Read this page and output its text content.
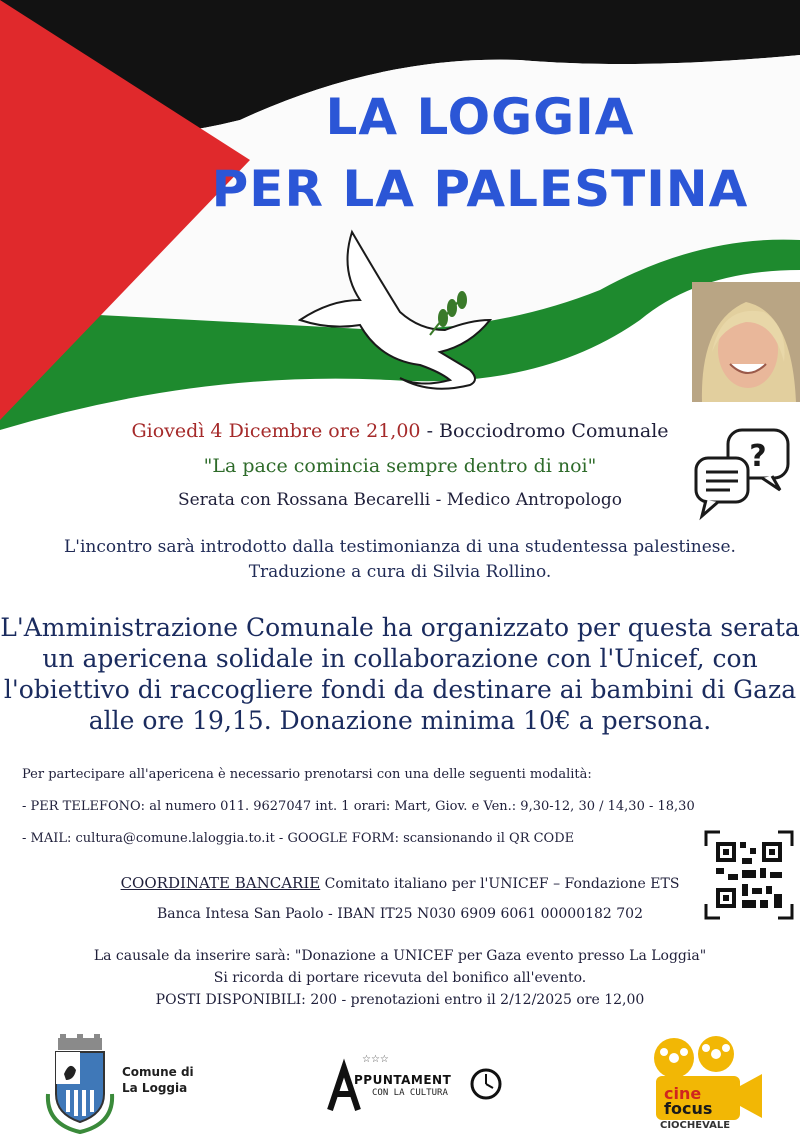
LA LOGGIA
PER LA PALESTINA
Giovedì 4 Dicembre ore 21,00 - Bocciodromo Comunale
"La pace comincia sempre dentro di noi"
Serata con Rossana Becarelli - Medico Antropologo
?
L'incontro sarà introdotto dalla testimonianza di una studentessa palestinese.
Traduzione a cura di Silvia Rollino.
L'Amministrazione Comunale ha organizzato per questa serata
un apericena solidale in collaborazione con l'Unicef, con
l'obiettivo di raccogliere fondi da destinare ai bambini di Gaza
alle ore 19,15. Donazione minima 10€ a persona.
Per partecipare all'apericena è necessario prenotarsi con una delle seguenti modalità:
- PER TELEFONO: al numero 011. 9627047 int. 1 orari: Mart, Giov. e Ven.: 9,30-12, 30 / 14,30 - 18,30
- MAIL: cultura@comune.laloggia.to.it - GOOGLE FORM: scansionando il QR CODE
COORDINATE BANCARIE Comitato italiano per l'UNICEF – Fondazione ETS
Banca Intesa San Paolo - IBAN IT25 N030 6909 6061 00000182 702
La causale da inserire sarà: "Donazione a UNICEF per Gaza evento presso La Loggia"
Si ricorda di portare ricevuta del bonifico all'evento.
POSTI DISPONIBILI: 200 - prenotazioni entro il 2/12/2025 ore 12,00
Comune di
La Loggia
☆☆☆
PPUNTAMENT
CON LA CULTURA	cine
focus
CIOCHEVALE
